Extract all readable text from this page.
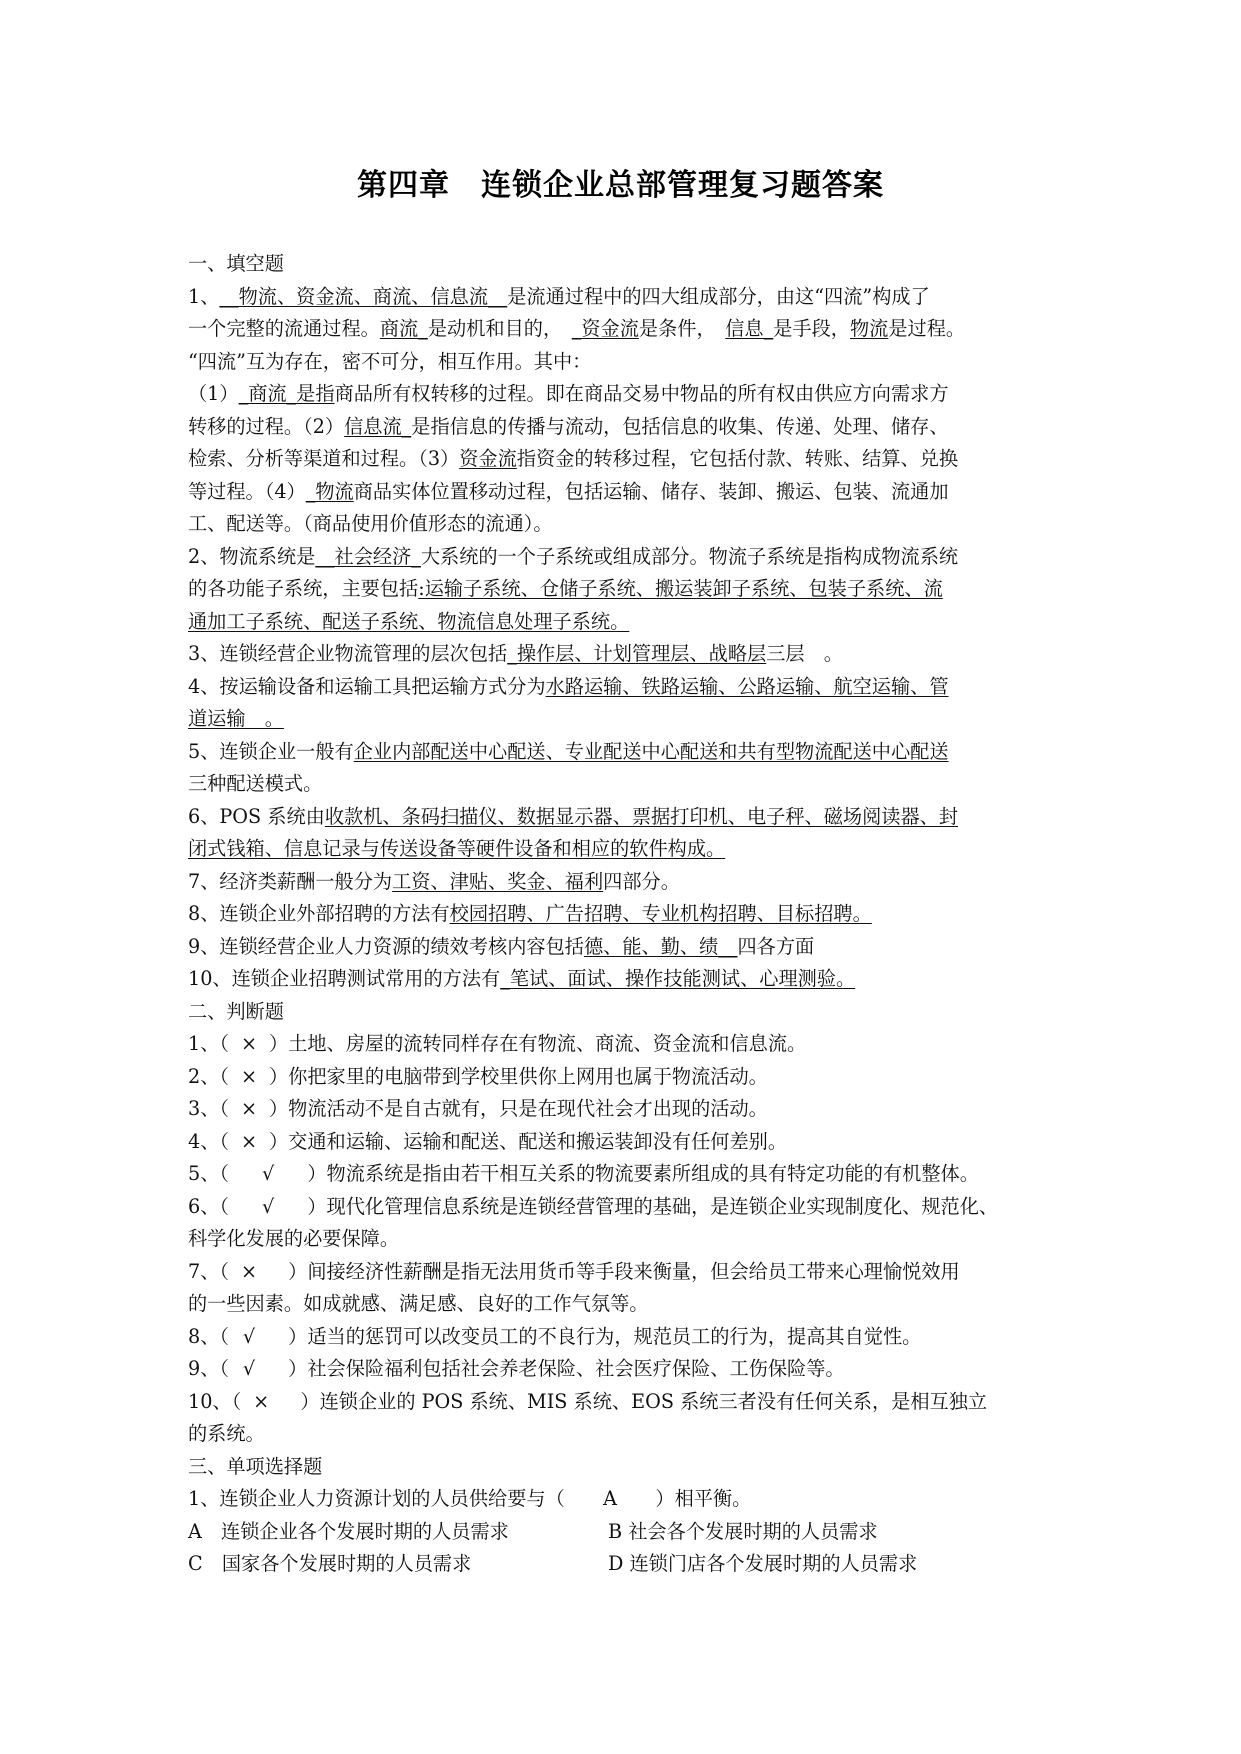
第四章　连锁企业总部管理复习题答案
一、填空题
1、__物流、资金流、商流、信息流__是流通过程中的四大组成部分，由这“四流”构成了
一个完整的流通过程。商流_是动机和目的，　_资金流是条件，　信息_是手段，物流是过程。
“四流”互为存在，密不可分，相互作用。其中：
（1）_商流_是指商品所有权转移的过程。即在商品交易中物品的所有权由供应方向需求方
转移的过程。（2）信息流_是指信息的传播与流动，包括信息的收集、传递、处理、储存、
检索、分析等渠道和过程。（3）资金流指资金的转移过程，它包括付款、转账、结算、兑换
等过程。（4）_物流商品实体位置移动过程，包括运输、储存、装卸、搬运、包装、流通加
工、配送等。（商品使用价值形态的流通）。
2、物流系统是__社会经济_大系统的一个子系统或组成部分。物流子系统是指构成物流系统
的各功能子系统，主要包括:运输子系统、仓储子系统、搬运装卸子系统、包装子系统、流
通加工子系统、配送子系统、物流信息处理子系统。
3、连锁经营企业物流管理的层次包括_操作层、计划管理层、战略层三层　。
4、按运输设备和运输工具把运输方式分为水路运输、铁路运输、公路运输、航空运输、管
道运输　。
5、连锁企业一般有企业内部配送中心配送、专业配送中心配送和共有型物流配送中心配送
三种配送模式。
6、POS 系统由收款机、条码扫描仪、数据显示器、票据打印机、电子秤、磁场阅读器、封
闭式钱箱、信息记录与传送设备等硬件设备和相应的软件构成。
7、经济类薪酬一般分为工资、津贴、奖金、福利四部分。
8、连锁企业外部招聘的方法有校园招聘、广告招聘、专业机构招聘、目标招聘。
9、连锁经营企业人力资源的绩效考核内容包括德、能、勤、绩__四各方面
10、连锁企业招聘测试常用的方法有_笔试、面试、操作技能测试、心理测验。
二、判断题
1、（ × ）土地、房屋的流转同样存在有物流、商流、资金流和信息流。
2、（ × ）你把家里的电脑带到学校里供你上网用也属于物流活动。
3、（ × ）物流活动不是自古就有，只是在现代社会才出现的活动。
4、（ × ）交通和运输、运输和配送、配送和搬运装卸没有任何差别。
5、（　√　）物流系统是指由若干相互关系的物流要素所组成的具有特定功能的有机整体。
6、（　√　）现代化管理信息系统是连锁经营管理的基础，是连锁企业实现制度化、规范化、
科学化发展的必要保障。
7、（ ×　）间接经济性薪酬是指无法用货币等手段来衡量，但会给员工带来心理愉悦效用
的一些因素。如成就感、满足感、良好的工作气氛等。
8、（ √　）适当的惩罚可以改变员工的不良行为，规范员工的行为，提高其自觉性。
9、（ √　）社会保险福利包括社会养老保险、社会医疗保险、工伤保险等。
10、（ ×　）连锁企业的 POS 系统、MIS 系统、EOS 系统三者没有任何关系，是相互独立
的系统。
三、单项选择题
1、连锁企业人力资源计划的人员供给要与（　　A　　）相平衡。
A　连锁企业各个发展时期的人员需求	B 社会各个发展时期的人员需求
C　国家各个发展时期的人员需求	D 连锁门店各个发展时期的人员需求
